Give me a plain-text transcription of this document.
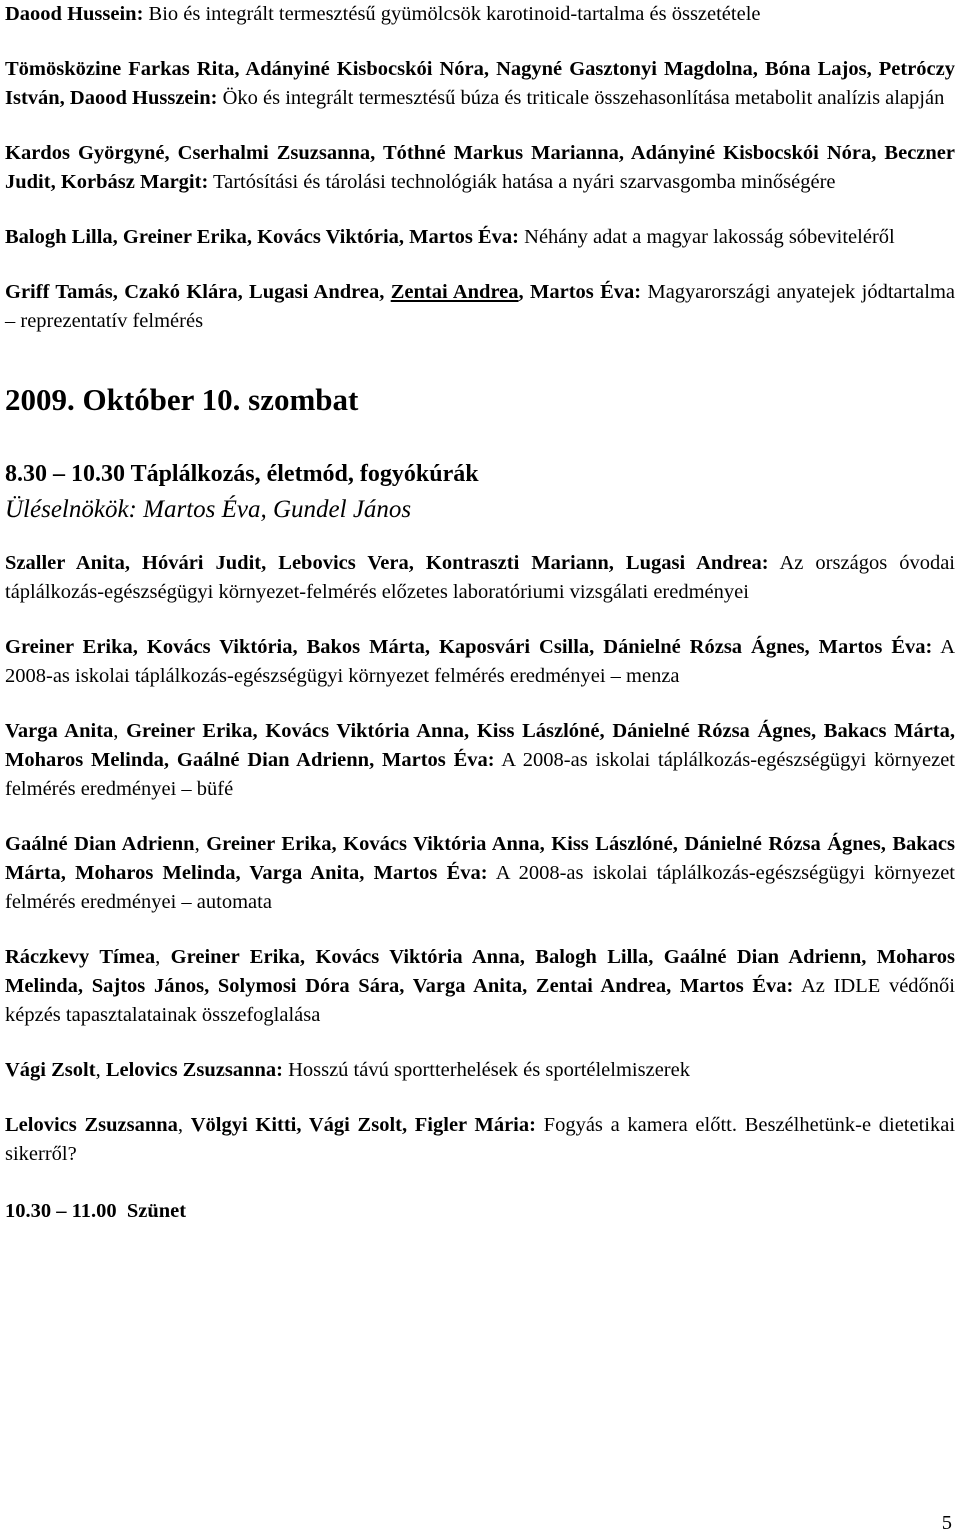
Daood Hussein: Bio és integrált termesztésű gyümölcsök karotinoid-tartalma és összetétele

Tömösközine Farkas Rita, Adányiné Kisbocskói Nóra, Nagyné Gasztonyi Magdolna, Bóna Lajos, Petróczy István, Daood Husszein: Öko és integrált termesztésű búza és triticale összehasonlítása metabolit analízis alapján

Kardos Györgyné, Cserhalmi Zsuzsanna, Tóthné Markus Marianna, Adányiné Kisbocskói Nóra, Beczner Judit, Korbász Margit: Tartósítási és tárolási technológiák hatása a nyári szarvasgomba minőségére

Balogh Lilla, Greiner Erika, Kovács Viktória, Martos Éva: Néhány adat a magyar lakosság sóbeviteléről

Griff Tamás, Czakó Klára, Lugasi Andrea, Zentai Andrea, Martos Éva: Magyarországi anyatejek jódtartalma – reprezentatív felmérés

2009. Október 10. szombat

8.30 – 10.30 Táplálkozás, életmód, fogyókúrák

Üléselnökök: Martos Éva, Gundel János

Szaller Anita, Hóvári Judit, Lebovics Vera, Kontraszti Mariann, Lugasi Andrea: Az országos óvodai táplálkozás-egészségügyi környezet-felmérés előzetes laboratóriumi vizsgálati eredményei

Greiner Erika, Kovács Viktória, Bakos Márta, Kaposvári Csilla, Dánielné Rózsa Ágnes, Martos Éva: A 2008-as iskolai táplálkozás-egészségügyi környezet felmérés eredményei – menza

Varga Anita, Greiner Erika, Kovács Viktória Anna, Kiss Lászlóné, Dánielné Rózsa Ágnes, Bakacs Márta, Moharos Melinda, Gaálné Dian Adrienn, Martos Éva: A 2008-as iskolai táplálkozás-egészségügyi környezet felmérés eredményei – büfé

Gaálné Dian Adrienn, Greiner Erika, Kovács Viktória Anna, Kiss Lászlóné, Dánielné Rózsa Ágnes, Bakacs Márta, Moharos Melinda, Varga Anita, Martos Éva: A 2008-as iskolai táplálkozás-egészségügyi környezet felmérés eredményei – automata

Ráczkevy Tímea, Greiner Erika, Kovács Viktória Anna, Balogh Lilla, Gaálné Dian Adrienn, Moharos Melinda, Sajtos János, Solymosi Dóra Sára, Varga Anita, Zentai Andrea, Martos Éva: Az IDLE védőnői képzés tapasztalatainak összefoglalása

Vági Zsolt, Lelovics Zsuzsanna: Hosszú távú sportterhelések és sportélelmiszerek

Lelovics Zsuzsanna, Völgyi Kitti, Vági Zsolt, Figler Mária: Fogyás a kamera előtt. Beszélhetünk-e dietetikai sikerről?

10.30 – 11.00  Szünet

5
